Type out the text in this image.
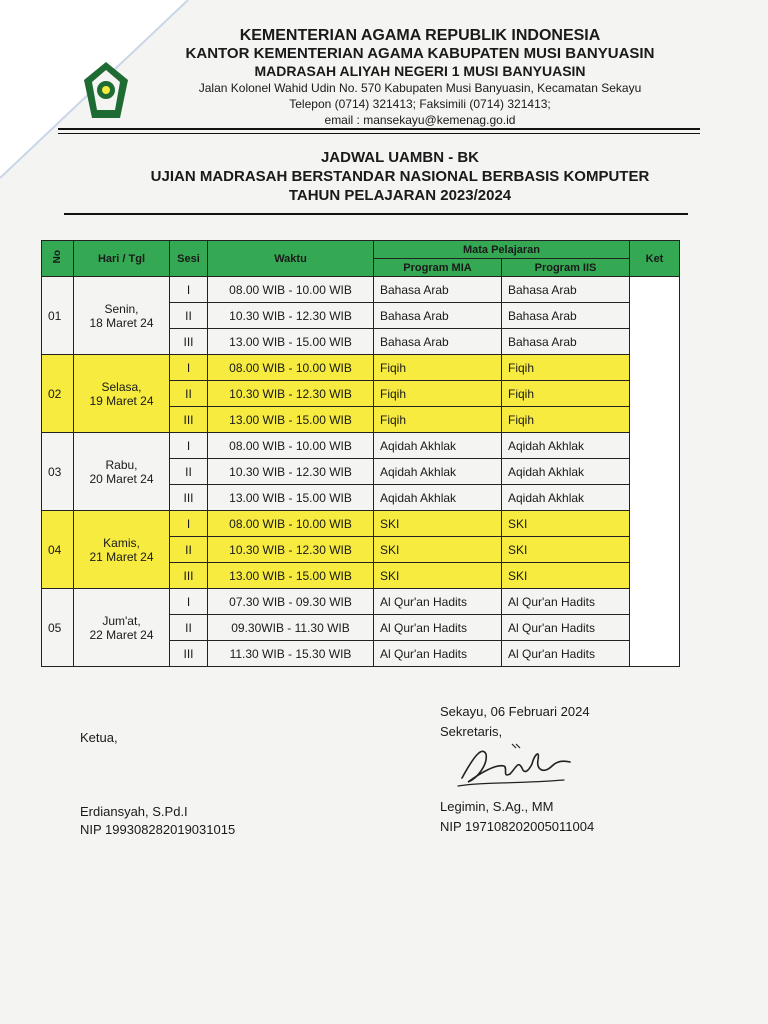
KEMENTERIAN AGAMA REPUBLIK INDONESIA
KANTOR KEMENTERIAN AGAMA KABUPATEN MUSI BANYUASIN
MADRASAH ALIYAH NEGERI 1 MUSI BANYUASIN
Jalan Kolonel Wahid Udin No. 570 Kabupaten Musi Banyuasin, Kecamatan Sekayu
Telepon (0714) 321413; Faksimili (0714) 321413;
email : mansekayu@kemenag.go.id
JADWAL UAMBN - BK
UJIAN MADRASAH BERSTANDAR NASIONAL BERBASIS KOMPUTER
TAHUN PELAJARAN 2023/2024
No	Hari / Tgl	Sesi	Waktu	Mata Pelajaran		Ket
				Program MIA	Program IIS	
01	Senin,
18 Maret 24	I	08.00 WIB - 10.00 WIB	Bahasa Arab	Bahasa Arab	
		II	10.30 WIB - 12.30 WIB	Bahasa Arab	Bahasa Arab	
		III	13.00 WIB - 15.00 WIB	Bahasa Arab	Bahasa Arab	
02	Selasa,
19 Maret 24	I	08.00 WIB - 10.00 WIB	Fiqih	Fiqih	
		II	10.30 WIB - 12.30 WIB	Fiqih	Fiqih	
		III	13.00 WIB - 15.00 WIB	Fiqih	Fiqih	
03	Rabu,
20 Maret 24	I	08.00 WIB - 10.00 WIB	Aqidah Akhlak	Aqidah Akhlak	
		II	10.30 WIB - 12.30 WIB	Aqidah Akhlak	Aqidah Akhlak	
		III	13.00 WIB - 15.00 WIB	Aqidah Akhlak	Aqidah Akhlak	
04	Kamis,
21 Maret 24	I	08.00 WIB - 10.00 WIB	SKI	SKI	
		II	10.30 WIB - 12.30 WIB	SKI	SKI	
		III	13.00 WIB - 15.00 WIB	SKI	SKI	
05	Jum'at,
22 Maret 24	I	07.30 WIB - 09.30 WIB	Al Qur'an Hadits	Al Qur'an Hadits	
		II	09.30WIB - 11.30 WIB	Al Qur'an Hadits	Al Qur'an Hadits	
		III	11.30 WIB - 15.30 WIB	Al Qur'an Hadits	Al Qur'an Hadits	
Sekayu, 06 Februari 2024
Sekretaris,
Ketua,
Erdiansyah, S.Pd.I
NIP 199308282019031015
Legimin, S.Ag., MM
NIP 197108202005011004
